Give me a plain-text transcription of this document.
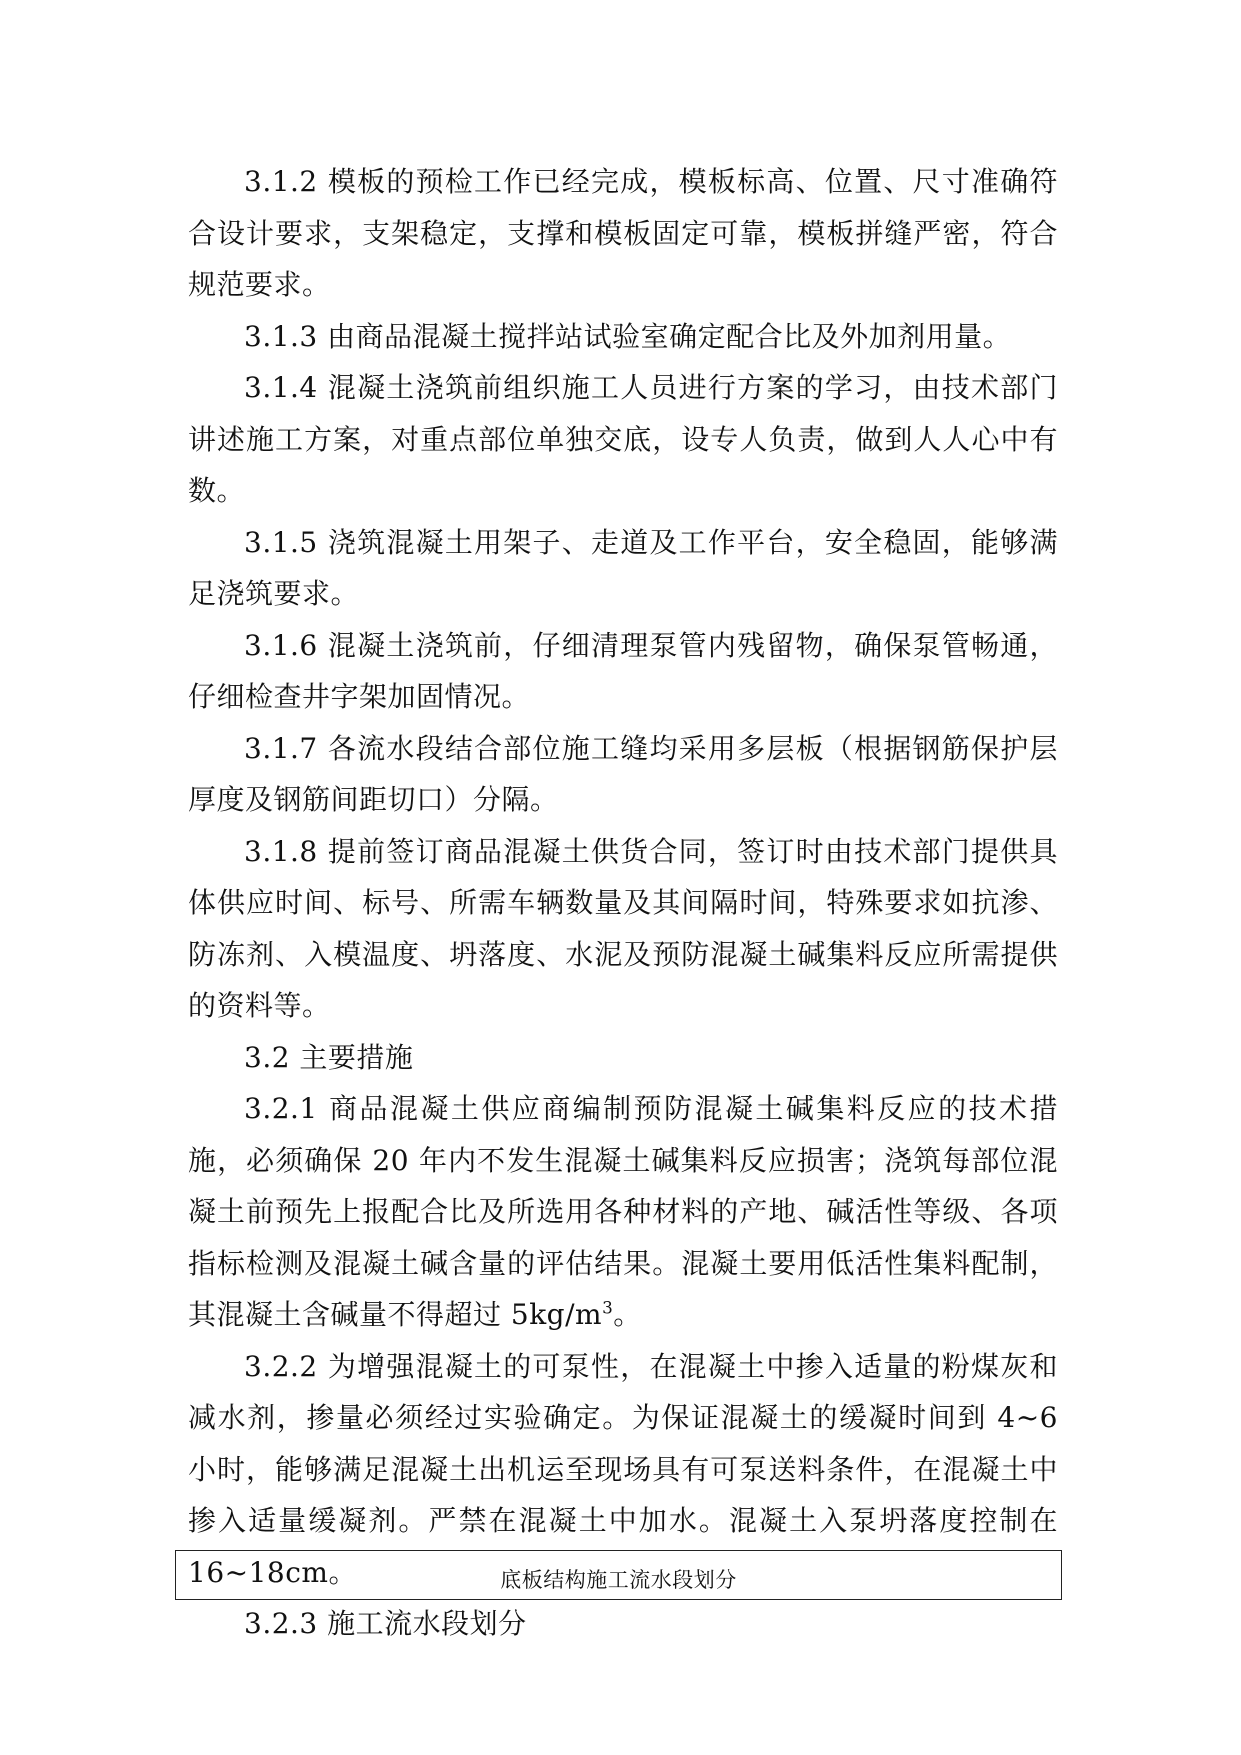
3.1.2 模板的预检工作已经完成，模板标高、位置、尺寸准确符合设计要求，支架稳定，支撑和模板固定可靠，模板拼缝严密，符合规范要求。

3.1.3 由商品混凝土搅拌站试验室确定配合比及外加剂用量。

3.1.4 混凝土浇筑前组织施工人员进行方案的学习，由技术部门讲述施工方案，对重点部位单独交底，设专人负责，做到人人心中有数。

3.1.5 浇筑混凝土用架子、走道及工作平台，安全稳固，能够满足浇筑要求。

3.1.6 混凝土浇筑前，仔细清理泵管内残留物，确保泵管畅通，仔细检查井字架加固情况。

3.1.7 各流水段结合部位施工缝均采用多层板（根据钢筋保护层厚度及钢筋间距切口）分隔。

3.1.8 提前签订商品混凝土供货合同，签订时由技术部门提供具体供应时间、标号、所需车辆数量及其间隔时间，特殊要求如抗渗、防冻剂、入模温度、坍落度、水泥及预防混凝土碱集料反应所需提供的资料等。

3.2 主要措施

3.2.1 商品混凝土供应商编制预防混凝土碱集料反应的技术措施，必须确保 20 年内不发生混凝土碱集料反应损害；浇筑每部位混凝土前预先上报配合比及所选用各种材料的产地、碱活性等级、各项指标检测及混凝土碱含量的评估结果。混凝土要用低活性集料配制，其混凝土含碱量不得超过 $5kg/m^3$。

3.2.2 为增强混凝土的可泵性，在混凝土中掺入适量的粉煤灰和减水剂，掺量必须经过实验确定。为保证混凝土的缓凝时间到 4~6 小时，能够满足混凝土出机运至现场具有可泵送料条件，在混凝土中掺入适量缓凝剂。严禁在混凝土中加水。混凝土入泵坍落度控制在 16~18cm。

3.2.3 施工流水段划分

底板结构施工流水段划分
